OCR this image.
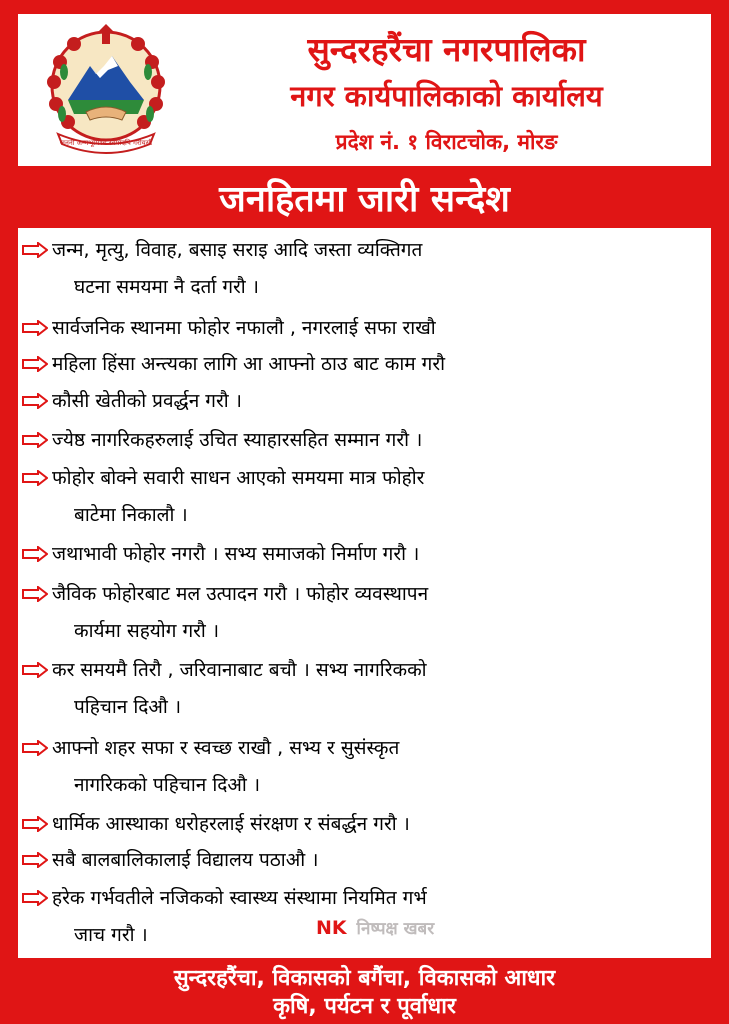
जननी जन्मभूमिश्च स्वर्गादपि गरीयसी
सुन्दरहरैंचा नगरपालिका
नगर कार्यपालिकाको कार्यालय
प्रदेश नं. १ विराटचोक, मोरङ
जनहितमा जारी सन्देश
जन्म, मृत्यु, विवाह, बसाइ सराइ आदि जस्ता व्यक्तिगत
घटना समयमा नै दर्ता गरौ ।
सार्वजनिक स्थानमा फोहोर नफालौ , नगरलाई सफा राखौ
महिला हिंसा अन्त्यका लागि आ आफ्नो ठाउ बाट काम गरौ
कौसी खेतीको प्रवर्द्धन गरौ ।
ज्येष्ठ नागरिकहरुलाई उचित स्याहारसहित सम्मान गरौ ।
फोहोर बोक्ने सवारी साधन आएको समयमा मात्र फोहोर
बाटेमा निकालौ ।
जथाभावी फोहोर नगरौ । सभ्य समाजको निर्माण गरौ ।
जैविक फोहोरबाट मल उत्पादन गरौ । फोहोर व्यवस्थापन
कार्यमा सहयोग गरौ ।
कर समयमै तिरौ , जरिवानाबाट बचौ । सभ्य नागरिकको
पहिचान दिऔ ।
आफ्नो शहर सफा र स्वच्छ राखौ , सभ्य र सुसंस्कृत
नागरिकको पहिचान दिऔ ।
धार्मिक आस्थाका धरोहरलाई संरक्षण र संबर्द्धन गरौ ।
सबै बालबालिकालाई विद्यालय पठाऔ ।
हरेक गर्भवतीले नजिकको स्वास्थ्य संस्थामा नियमित गर्भ
जाच गरौ ।	NK निष्पक्ष खबर
सुन्दरहरैंचा, विकासको बगैंचा, विकासको आधार
कृषि, पर्यटन र पूर्वाधार
